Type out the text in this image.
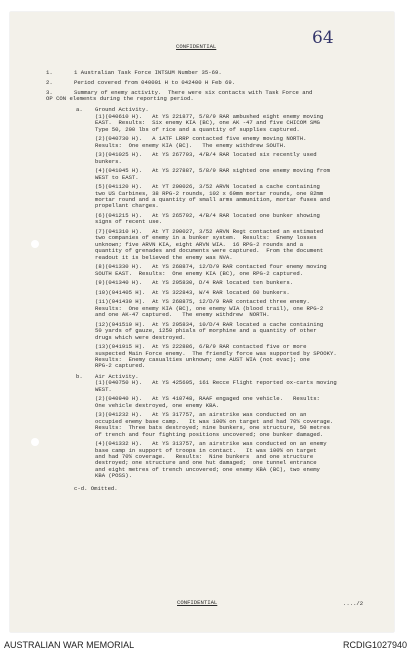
64
CONFIDENTIAL
1.	1 Australian Task Force INTSUM Number 35-69.
2.	Period covered from 040001 H to 042400 H Feb 69.
3.	Summary of enemy activity.  There were six contacts with Task Force and
OP CON elements during the reporting period.
a. Ground Activity.
(1)(040610 H).   At YS 221877, 5/8/9 RAR ambushed eight enemy moving
EAST.  Results:  Six enemy KIA (BC), one AK -47 and five CHICOM SMG
Type 50, 200 lbs of rice and a quantity of supplies captured.
(2)(040730 H).   A 1ATF LRRP contacted five enemy moving NORTH.
Results:  One enemy KIA (BC).   The enemy withdrew SOUTH.
(3)(041025 H).   At YS 267793, 4/B/4 RAR located six recently used
bunkers.
(4)(041045 H).   At YS 227887, 5/8/9 RAR sighted one enemy moving from
WEST to EAST.
(5)(041120 H).   At YT 290026, 3/52 ARVN located a cache containing
two US Carbines, 38 RPG-2 rounds, 102 x 60mm mortar rounds, one 82mm
mortar round and a quantity of small arms ammunition, mortar fuses and
propellant charges.
(6)(041215 H).   At YS 265792, 4/B/4 RAR located one bunker showing
signs of recent use.
(7)(041310 H).   At YT 290027, 3/52 ARVN Regt contacted an estimated
two companies of enemy in a bunker system.  Results:  Enemy losses
unknown; five ARVN KIA, eight ARVN WIA.  16 RPG-2 rounds and a
quantity of grenades and documents were captured.  From the document
readout it is believed the enemy was NVA.
(8)(041330 H).   At YS 268874, 12/D/9 RAR contacted four enemy moving
SOUTH EAST.  Results:  One enemy KIA (BC), one RPG-2 captured.
(9)(041340 H).   At YS 295830, D/4 RAR located ten bunkers.
(10)(041405 H).  At YS 322843, W/4 RAR located 60 bunkers.
(11)(041430 H).  At YS 268875, 12/D/9 RAR contacted three enemy.
Results:  One enemy KIA (BC), one enemy WIA (blood trail), one RPG-2
and one AK-47 captured.   The enemy withdrew  NORTH.
(12)(041510 H).  At YS 295834, 10/D/4 RAR located a cache containing
50 yards of gauze, 1250 phials of morphine and a quantity of other
drugs which were destroyed.
(13)(041915 H).  At YS 222886, 6/B/9 RAR contacted five or more
suspected Main Force enemy.  The friendly force was supported by SPOOKY.
Results:  Enemy casualties unknown; one AUST WIA (not evac); one
RPG-2 captured.
b. Air Activity.
(1)(040750 H).   At YS 425695, 161 Recce Flight reported ox-carts moving
WEST.
(2)(040940 H).   At YS 410748, RAAF engaged one vehicle.   Results:
One vehicle destroyed, one enemy KBA.
(3)(041232 H).   At YS 317757, an airstrike was conducted on an
occupied enemy base camp.   It was 100% on target and had 70% coverage.
Results:  Three bats destroyed; nine bunkers, one structure, 50 metres
of trench and four fighting positions uncovered; one bunker damaged.
(4)(041332 H).   At YS 313757, an airstrike was conducted on an enemy
base camp in support of troops in contact.   It was 100% on target
and had 70% coverage.   Results:  Nine bunkers  and one structure
destroyed; one structure and one hut damaged;  one tunnel entrance
and eight metres of trench uncovered; one enemy KBA (BC), two enemy
KBA (POSS).
c-d. Omitted.
CONFIDENTIAL	..../2
AUSTRALIAN WAR MEMORIAL	RCDIG1027940
